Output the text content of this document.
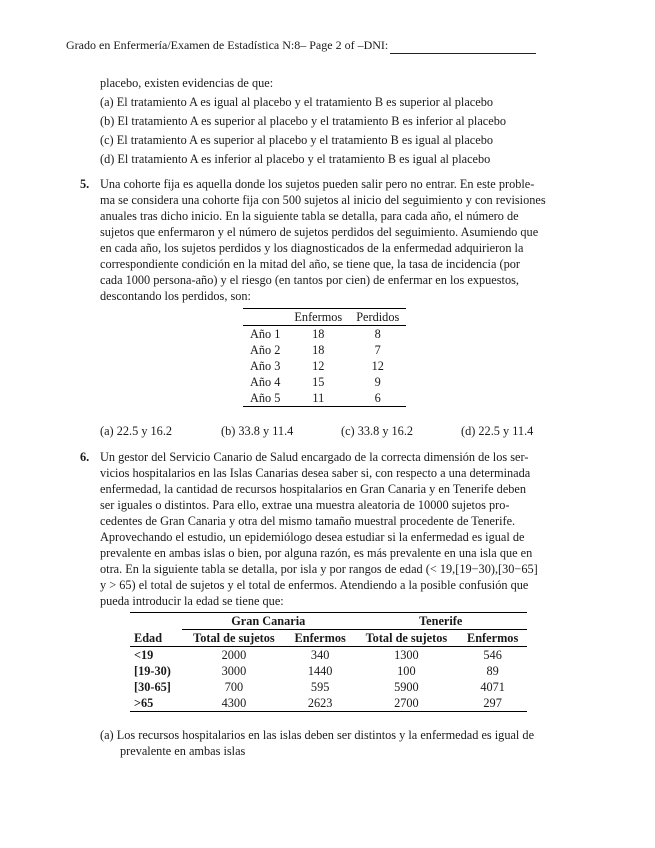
Grado en Enfermería/Examen de Estadística N:8– Page 2 of –DNI:
placebo, existen evidencias de que:
(a) El tratamiento A es igual al placebo y el tratamiento B es superior al placebo
(b) El tratamiento A es superior al placebo y el tratamiento B es inferior al placebo
(c) El tratamiento A es superior al placebo y el tratamiento B es igual al placebo
(d) El tratamiento A es inferior al placebo y el tratamiento B es igual al placebo
5. Una cohorte fija es aquella donde los sujetos pueden salir pero no entrar. En este proble-
ma se considera una cohorte fija con 500 sujetos al inicio del seguimiento y con revisiones
anuales tras dicho inicio. En la siguiente tabla se detalla, para cada año, el número de
sujetos que enfermaron y el número de sujetos perdidos del seguimiento. Asumiendo que
en cada año, los sujetos perdidos y los diagnosticados de la enfermedad adquirieron la
correspondiente condición en la mitad del año, se tiene que, la tasa de incidencia (por
cada 1000 persona-año) y el riesgo (en tantos por cien) de enfermar en los expuestos,
descontando los perdidos, son:
	Enfermos	Perdidos
Año 1	18	8
Año 2	18	7
Año 3	12	12
Año 4	15	9
Año 5	11	6
(a) 22.5 y 16.2	(b) 33.8 y 11.4	(c) 33.8 y 16.2	(d) 22.5 y 11.4
6. Un gestor del Servicio Canario de Salud encargado de la correcta dimensión de los ser-
vicios hospitalarios en las Islas Canarias desea saber si, con respecto a una determinada
enfermedad, la cantidad de recursos hospitalarios en Gran Canaria y en Tenerife deben
ser iguales o distintos. Para ello, extrae una muestra aleatoria de 10000 sujetos pro-
cedentes de Gran Canaria y otra del mismo tamaño muestral procedente de Tenerife.
Aprovechando el estudio, un epidemiólogo desea estudiar si la enfermedad es igual de
prevalente en ambas islas o bien, por alguna razón, es más prevalente en una isla que en
otra. En la siguiente tabla se detalla, por isla y por rangos de edad (< 19,[19−30),[30−65]
y > 65) el total de sujetos y el total de enfermos. Atendiendo a la posible confusión que
pueda introducir la edad se tiene que:
	Gran Canaria		Tenerife	
Edad	Total de sujetos	Enfermos	Total de sujetos	Enfermos
<19	2000	340	1300	546
[19-30)	3000	1440	100	89
[30-65]	700	595	5900	4071
>65	4300	2623	2700	297
(a) Los recursos hospitalarios en las islas deben ser distintos y la enfermedad es igual de
prevalente en ambas islas
